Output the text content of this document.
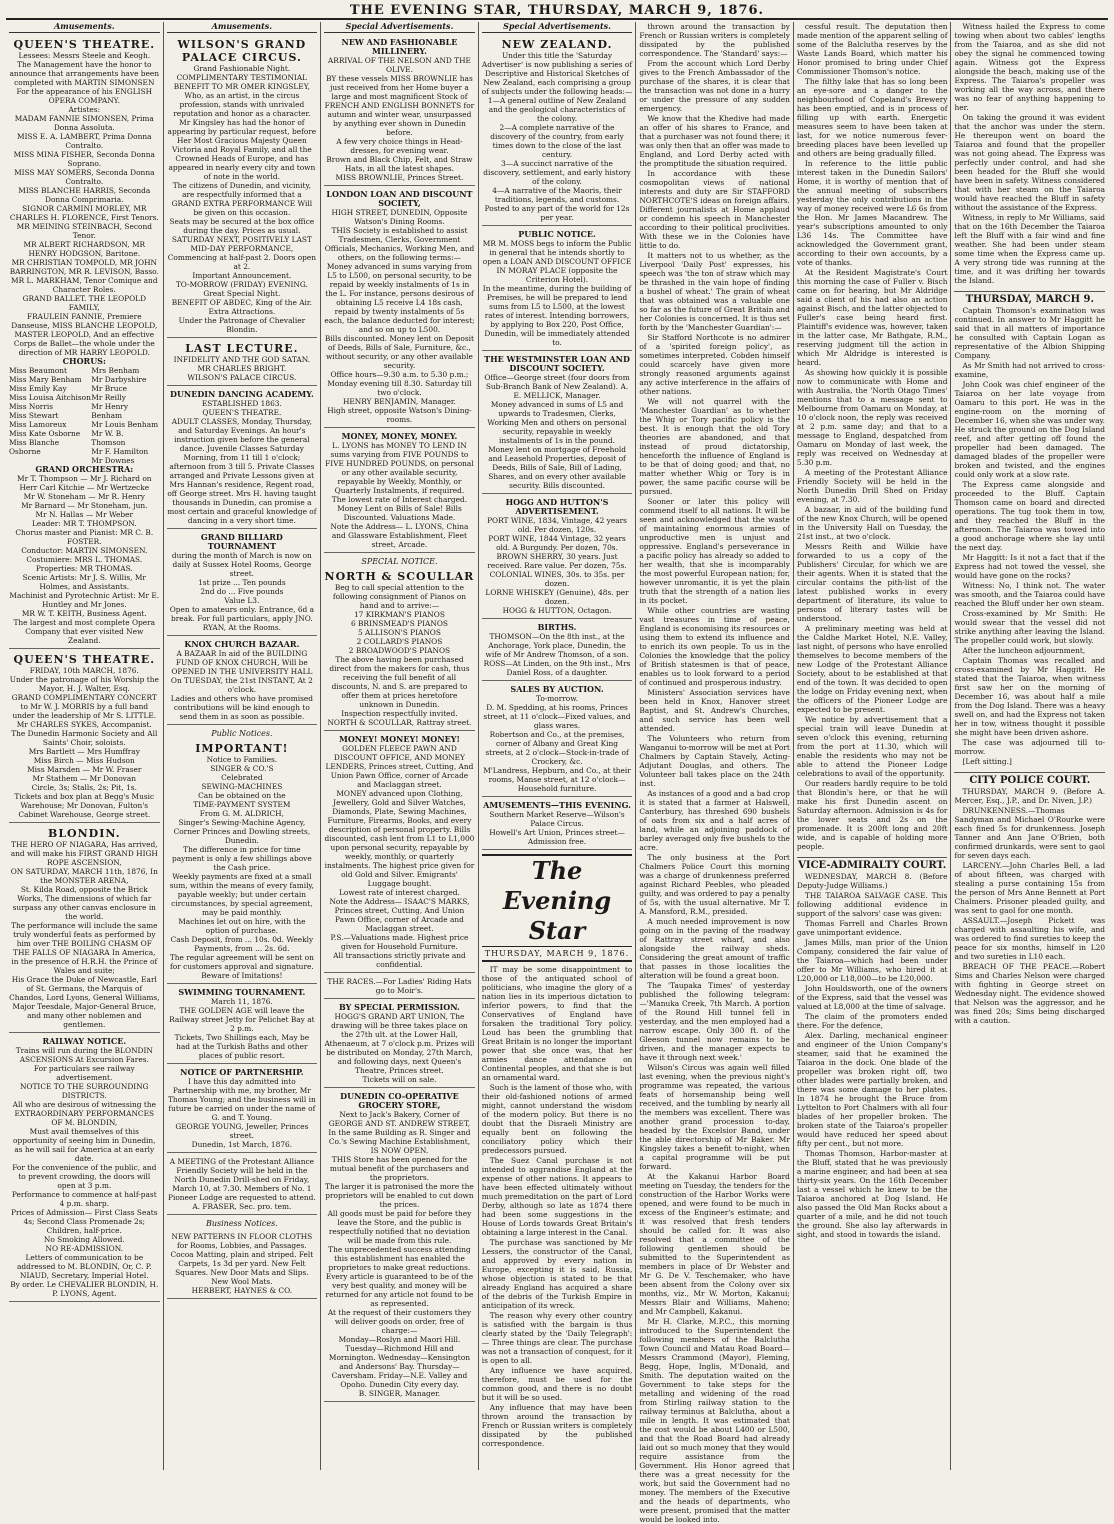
THE EVENING STAR, THURSDAY, MARCH 9, 1876.
Amusements.
QUEEN'S THEATRE.
Lessees: Messrs Steele and Keogh.
The Management have the honor to announce that arrangements have been completed with MARTIN SIMONSEN
For the appearance of his ENGLISH OPERA COMPANY.
Artistes:
MADAM FANNIE SIMONSEN, Prima Donna Assoluta.
MISS E. A. LAMBERT, Prima Donna Contralto.
MISS MINA FISHER, Seconda Donna Soprano.
MISS MAY SOMERS, Seconda Donna Contralto.
MISS BLANCHE HARRIS, Seconda Donna Comprimaria.
SIGNOR CARMINI MORLEY, MR CHARLES H. FLORENCE, First Tenors.
MR MEINING STEINBACH, Second Tenor.
MR ALBERT RICHARDSON, MR HENRY HODGSON, Baritone.
MR CHRISTIAN TOMPOLD, MR JOHN BARRINGTON, MR R. LEVISON, Basso.
MR L. MARKHAM, Tenor Comique and Character Roles.
GRAND BALLET. THE LEOPOLD FAMILY,
FRAULEIN FANNIE, Premiere Danseuse, MISS BLANCHE LEOPOLD, MASTER LEOPOLD, And an effective Corps de Ballet—the whole under the direction of MR HARRY LEOPOLD.
CHORUS:
Miss Beaumont
Miss Mary Benham
Miss Emily Kay
Miss Louisa Aitchison
Miss Norris
Miss Stewart
Miss Lamoreux
Miss Kate Osborne
Miss Blanche Osborne
Mrs Benham
Mr Darbyshire
Mr Bruce
Mr Reilly
Mr Henry Benham
Mr Louis Benham
Mr W. B. Thomson
Mr F. Hamilton
Mr Downes
GRAND ORCHESTRA:
Mr T. Thompson — Mr J. Richard on
Herr Carl Kitchie — Mr Wertzecke
Mr W. Stoneham — Mr R. Henry
Mr Barnard — Mr Stoneham, jun.
Mr N. Hallas — Mr Weber
Leader: MR T. THOMPSON.
Chorus master and Pianist: MR C. B. FOSTER.
Conductor: MARTIN SIMONSEN.
Costumiere: MRS L. THOMAS.
Properties: MR THOMAS.
Scenic Artists: Mr J. S. Willis, Mr Holmes, and Assistants.
Machinist and Pyrotechnic Artist: Mr E. Huntley and Mr Jones.
MR W. T. KEITH, Business Agent.
The largest and most complete Opera Company that ever visited New Zealand.
QUEEN'S THEATRE.
FRIDAY, 10th MARCH, 1876.
Under the patronage of his Worship the Mayor, H. J. Walter, Esq.
GRAND COMPLIMENTARY CONCERT to Mr W. J. MORRIS by a full band under the leadership of Mr S. LITTLE.
Mr CHARLES SYKES, Accompanist. The Dunedin Harmonic Society and All Saints' Choir, soloists.
Mrs Bartlett — Mrs Humffray
Miss Birch — Miss Hudson
Miss Marsden — Mr W. Fraser
Mr Stathem — Mr Donovan
Circle, 3s; Stalls, 2s; Pit, 1s.
Tickets and box plan at Begg's Music Warehouse; Mr Donovan, Fulton's Cabinet Warehouse, George street.
BLONDIN.
THE HERO OF NIAGARA, Has arrived, and will make his FIRST GRAND HIGH ROPE ASCENSION,
ON SATURDAY, MARCH 11th, 1876, In the MONSTER ARENA,
St. Kilda Road, opposite the Brick Works, The dimensions of which far surpass any other canvas enclosure in the world.
The performance will include the same truly wonderful feats as performed by him over THE BOILING CHASM OF THE FALLS OF NIAGARA In America, in the presence of H.R.H. the Prince of Wales and suite;
His Grace the Duke of Newcastle, Earl of St. Germans, the Marquis of Chandos, Lord Lyons, General Williams, Major Teesdale, Major-General Bruce, and many other noblemen and gentlemen.
RAILWAY NOTICE.
Trains will run during the BLONDIN ASCENSIONS At Excursion Fares.
For particulars see railway advertisement.
NOTICE TO THE SURROUNDING DISTRICTS.
All who are desirous of witnessing the EXTRAORDINARY PERFORMANCES OF M. BLONDIN,
Must avail themselves of this opportunity of seeing him in Dunedin, as he will sail for America at an early date.
For the convenience of the public, and to prevent crowding, the doors will open at 3 p.m.
Performance to commence at half-past 4 p.m. sharp.
Prices of Admission— First Class Seats 4s; Second Class Promenade 2s; Children, half-price.
No Smoking Allowed.
NO RE-ADMISSION.
Letters of communication to be addressed to M. BLONDIN, Or, C. P. NIAUD, Secretary, Imperial Hotel.
By order. Le CHEVALIER BLONDIN, H. P. LYONS, Agent.
Amusements.
WILSON'S GRAND PALACE CIRCUS.
Grand Fashionable Night.
COMPLIMENTARY TESTIMONIAL BENEFIT TO MR OMER KINGSLEY,
Who, as an artist, in the circus profession, stands with unrivaled reputation and honor as a character.
Mr Kingsley has had the honor of appearing by particular request, before Her Most Gracious Majesty Queen Victoria and Royal Family, and all the Crowned Heads of Europe, and has appeared in nearly every city and town of note in the world.
The citizens of Dunedin, and vicinity, are respectfully informed that a GRAND EXTRA PERFORMANCE Will be given on this occasion.
Seats may be secured at the box office during the day. Prices as usual.
SATURDAY NEXT, POSITIVELY LAST MID-DAY PERFORMANCE, Commencing at half-past 2. Doors open at 2.
Important Announcement.
TO-MORROW (FRIDAY) EVENING. Great Special Night.
BENEFIT OF ABDEC, King of the Air.
Extra Attractions.
Under the Patronage of Chevalier Blondin.
LAST LECTURE.
INFIDELITY AND THE GOD SATAN.
MR CHARLES BRIGHT.
WILSON'S PALACE CIRCUS.
DUNEDIN DANCING ACADEMY.
ESTABLISHED 1863.
QUEEN'S THEATRE.
ADULT CLASSES, Monday, Thursday, and Saturday Evenings. An hour's instruction given before the general dance. Juvenile Classes Saturday Morning, from 11 till 1 o'clock; afternoon from 3 till 5. Private Classes arranged and Private Lessons given at Mrs Hannan's residence, Regent road, off George street. Mrs H. having taught thousands in Dunedin, can promise a most certain and graceful knowledge of dancing in a very short time.
GRAND BILLIARD TOURNAMENT
during the month of March is now on daily at Sussex Hotel Rooms, George street.
1st prize ... Ten pounds
2nd do ... Five pounds
Value L3.
Open to amateurs only. Entrance, 6d a break. For full particulars, apply JNO. RYAN, At the Rooms.
KNOX CHURCH BAZAAR.
A BAZAAR In aid of the BUILDING FUND OF KNOX CHURCH, Will be OPENED IN THE UNIVERSITY HALL On TUESDAY, the 21st INSTANT, At 2 o'clock.
Ladies and others who have promised contributions will be kind enough to send them in as soon as possible.
Public Notices.
IMPORTANT!
Notice to Families.
SINGER & CO.'S
Celebrated
SEWING-MACHINES
Can be obtained on the
TIME-PAYMENT SYSTEM
From G. M. ALDRICH,
Singer's Sewing-Machine Agency, Corner Princes and Dowling streets, Dunedin.
The difference in price for time payment is only a few shillings above the Cash price.
Weekly payments are fixed at a small sum, within the means of every family, payable weekly; but under certain circumstances, by special agreement, may be paid monthly.
Machines let out on hire, with the option of purchase.
Cash Deposit, from ... 10s. 0d. Weekly Payments, from ... 2s. 6d.
The regular agreement will be sent on for customers approval and signature.
Beware of Imitations!
SWIMMING TOURNAMENT.
March 11, 1876.
THE GOLDEN AGE will leave the Railway street Jetty for Pelichet Bay at 2 p.m.
Tickets, Two Shillings each, May be had at the Turkish Baths and other places of public resort.
NOTICE OF PARTNERSHIP.
I have this day admitted into Partnership with me, my brother, Mr Thomas Young; and the business will in future be carried on under the name of G. and T. Young.
GEORGE YOUNG, Jeweller, Princes street.
Dunedin, 1st March, 1876.
A MEETING of the Protestant Alliance Friendly Society will be held in the North Dunedin Drill-shed on Friday, March 10, at 7.30. Members of No. 1 Pioneer Lodge are requested to attend.
A. FRASER, Sec. pro. tem.
Business Notices.
NEW PATTERNS IN FLOOR CLOTHS for Rooms, Lobbies, and Passages. Cocoa Matting, plain and striped. Felt Carpets, 1s 3d per yard. New Felt Squares. New Door Mats and Slips. New Wool Mats.
HERBERT, HAYNES & CO.
Special Advertisements.
NEW AND FASHIONABLE MILLINERY.
ARRIVAL OF THE NELSON AND THE OLIVE.
BY these vessels MISS BROWNLIE has just received from her Home buyer a large and most magnificent Stock of FRENCH AND ENGLISH BONNETS for autumn and winter wear, unsurpassed by anything ever shown in Dunedin before.
A few very choice things in Head-dresses, for evening wear.
Brown and Black Chip, Felt, and Straw Hats, in all the latest shapes.
MISS BROWNLIE, Princes Street.
LONDON LOAN AND DISCOUNT SOCIETY,
HIGH STREET, DUNEDIN, Opposite Watson's Dining Rooms.
THIS Society is established to assist Tradesmen, Clerks, Government Officials, Mechanics, Working Men, and others, on the following terms:—
Money advanced in sums varying from L5 to L500, on personal security, to be repaid by weekly instalments of 1s in the L. For instance, persons desirous of obtaining L5 receive L4 18s cash, repaid by twenty instalments of 5s each, the balance deducted for interest; and so on up to L500.
Bills discounted. Money lent on Deposit of Deeds, Bills of Sale, Furniture, &c., without security, or any other available security.
Office hours—9.30 a.m. to 5.30 p.m.; Monday evening till 8.30. Saturday till two o'clock.
HENRY BENJAMIN, Manager.
High street, opposite Watson's Dining-rooms.
MONEY, MONEY, MONEY.
L. LYONS has MONEY TO LEND IN sums varying from FIVE POUNDS to FIVE HUNDRED POUNDS, on personal or any other available security, repayable by Weekly, Monthly, or Quarterly Instalments, if required.
The lowest rate of Interest charged.
Money Lent on Bills of Sale! Bills Discounted. Valuations Made.
Note the Address— L. LYONS, China and Glassware Establishment, Fleet street, Arcade.
SPECIAL NOTICE.
NORTH & SCOULLAR
Beg to call special attention to the following consignment of Pianos on hand and to arrive:—
17 KIRKMAN'S PIANOS
6 BRINSMEAD'S PIANOS
5 ALLISON'S PIANOS
2 COLLARD'S PIANOS
2 BROADWOOD'S PIANOS
The above having been purchased direct from the makers for cash, thus receiving the full benefit of all discounts, N. and S. are prepared to offer them at prices heretofore unknown in Dunedin.
Inspection respectfully invited.
NORTH & SCOULLAR, Rattray street.
MONEY! MONEY! MONEY!
GOLDEN FLEECE PAWN AND DISCOUNT OFFICE, AND MONEY LENDERS, Princes street, Cutting, And Union Pawn Office, corner of Arcade and Maclaggan street.
MONEY advanced upon Clothing, Jewellery, Gold and Silver Watches, Diamonds, Plate, Sewing Machines, Furniture, Firearms, Books, and every description of personal property. Bills discounted, cash lent from L1 to L1,000 upon personal security, repayable by weekly, monthly, or quarterly instalments. The highest price given for old Gold and Silver. Emigrants' Luggage bought.
Lowest rate of interest charged.
Note the Address— ISAAC'S MARKS, Princes street, Cutting, And Union Pawn Office, corner of Arcade and Maclaggan street.
P.S.—Valuations made. Highest price given for Household Furniture.
All transactions strictly private and confidential.
THE RACES.—For Ladies' Riding Hats go to Moir's.
BY SPECIAL PERMISSION.
HOGG'S GRAND ART UNION, The drawing will be three takes place on the 27th ult. at the Lower Hall, Athenaeum, at 7 o'clock p.m. Prizes will be distributed on Monday, 27th March, and following days, next Queen's Theatre, Princes street.
Tickets will on sale.
DUNEDIN CO-OPERATIVE GROCERY STORE,
Next to Jack's Bakery, Corner of GEORGE AND ST. ANDREW STREET,
In the same Building as R. Singer and Co.'s Sewing Machine Establishment,
IS NOW OPEN.
THIS Store has been opened for the mutual benefit of the purchasers and the proprietors.
The larger it is patronised the more the proprietors will be enabled to cut down the prices.
All goods must be paid for before they leave the Store, and the public is respectfully notified that no deviation will be made from this rule.
The unprecedented success attending this establishment has enabled the proprietors to make great reductions.
Every article is guaranteed to be of the very best quality, and money will be returned for any article not found to be as represented.
At the request of their customers they will deliver goods on order, free of charge:—
Monday—Roslyn and Maori Hill. Tuesday—Richmond Hill and Mornington. Wednesday—Kensington and Andersons' Bay. Thursday—Caversham. Friday—N.E. Valley and Opoho. Dunedin City every day.
B. SINGER, Manager.
Special Advertisements.
NEW ZEALAND.
Under this title the 'Saturday Advertiser' is now publishing a series of Descriptive and Historical Sketches of New Zealand, each comprising a group of subjects under the following heads:—
1—A general outline of New Zealand and the geological characteristics of the colony.
2—A complete narrative of the discovery of the country, from early times down to the close of the last century.
3—A succinct narrative of the discovery, settlement, and early history of the colony.
4—A narrative of the Maoris, their traditions, legends, and customs.
Posted to any part of the world for 12s per year.
PUBLIC NOTICE.
MR M. MOSS begs to inform the Public in general that he intends shortly to open a LOAN AND DISCOUNT OFFICE IN MORAY PLACE (opposite the Criterion Hotel).
In the meantime, during the building of Premises, he will be prepared to lend sums from L5 to L500, at the lowest rates of interest. Intending borrowers, by applying to Box 220, Post Office, Dunedin, will be immediately attended to.
THE WESTMINSTER LOAN AND DISCOUNT SOCIETY.
Office—George street (four doors from Sub-Branch Bank of New Zealand). A. E. MELLICK, Manager.
Money advanced in sums of L5 and upwards to Tradesmen, Clerks, Working Men and others on personal security, repayable in weekly instalments of 1s in the pound.
Money lent on mortgage of Freehold and Leasehold Properties, deposit of Deeds, Bills of Sale, Bill of Lading, Shares, and on every other available security. Bills discounted.
HOGG AND HUTTON'S ADVERTISEMENT.
PORT WINE, 1834, Vintage, 42 years old. Per dozen, 120s.
PORT WINE, 1844 Vintage, 32 years old. A Burgundy. Per dozen, 70s.
BROWN SHERRY, 30 years. Just received. Rare value. Per dozen, 75s.
COLONIAL WINES, 30s. to 35s. per dozen.
LORNE WHISKEY (Genuine), 48s. per dozen.
HOGG & HUTTON, Octagon.
BIRTHS.
THOMSON—On the 8th inst., at the Anchorage, York place, Dunedin, the wife of Mr Andrew Thomson, of a son.
ROSS—At Linden, on the 9th inst., Mrs Daniel Ross, of a daughter.
SALES BY AUCTION.
To-morrow.
D. M. Spedding, at his rooms, Princes street, at 11 o'clock—Fixed values, and glass wares.
Robertson and Co., at the premises, corner of Albany and Great King streets, at 2 o'clock—Stock-in-trade of Crockery, &c.
M'Landress, Hepburn, and Co., at their rooms, Manse street, at 12 o'clock—Household furniture.
AMUSEMENTS—THIS EVENING.
Southern Market Reserve—Wilson's Palace Circus.
Howell's Art Union, Princes street—Admission free.
The Evening Star
THURSDAY, MARCH 9, 1876.

IT may be some disappointment to those of the antiquated school of politicians, who imagine the glory of a nation lies in its imperious dictation to inferior powers, to find that the Conservatives of England have forsaken the traditional Tory policy. Loud has been the grumbling that Great Britain is no longer the important power that she once was, that her armies dance attendance on Continental peoples, and that she is but an ornamental ward.

Such is the lament of those who, with their old-fashioned notions of armed might, cannot understand the wisdom of the modern policy. But there is no doubt that the Disraeli Ministry are equally bent on following the conciliatory policy which their predecessors pursued.

The Suez Canal purchase is not intended to aggrandise England at the expense of other nations. It appears to have been effected ultimately without much premeditation on the part of Lord Derby, although so late as 1874 there had been some suggestions in the House of Lords towards Great Britain's obtaining a large interest in the Canal.

The purchase was sanctioned by Mr Lessers, the constructor of the Canal, and approved by every nation in Europe, excepting it is said, Russia, whose objection is stated to be that already England has acquired a share of the debris of the Turkish Empire in anticipation of its wreck.

The reason why every other country is satisfied with the bargain is thus clearly stated by the 'Daily Telegraph':— Three things are clear. The purchase was not a transaction of conquest, for it is open to all.

Any influence we have acquired, therefore, must be used for the common good, and there is no doubt but it will be so used.

Any influence that may have been thrown around the transaction by French or Russian writers is completely dissipated by the published correspondence.

thrown around the transaction by French or Russian writers is completely dissipated by the published correspondence. The 'Standard' says:—

From the account which Lord Derby gives to the French Ambassador of the purchase of the shares, it is clear that the transaction was not done in a hurry or under the pressure of any sudden emergency.

We know that the Khedive had made an offer of his shares to France, and that a purchaser was not found there; it was only then that an offer was made to England, and Lord Derby acted with the promptitude the situation required.

In accordance with these cosmopolitan views of national interests and duty are Sir STAFFORD NORTHCOTE'S ideas on foreign affairs. Different journalists at Home applaud or condemn his speech in Manchester according to their political proclivities. With these we in the Colonies have little to do.

It matters not to us whether, as the Liverpool 'Daily Post' expresses, his speech was 'the ton of straw which may be thrashed in the vain hope of finding a bushel of wheat.' The grain of wheat that was obtained was a valuable one so far as the future of Great Britain and her Colonies is concerned. It is thus set forth by the 'Manchester Guardian':—

Sir Stafford Northcote is no admirer of a 'spirited foreign policy', as sometimes interpreted. Cobden himself could scarcely have given more strongly reasoned arguments against any active interference in the affairs of other nations.

We will not quarrel with the 'Manchester Guardian' as to whether the Whig or Tory pacific policy is the best. It is enough that the old Tory theories are abandoned, and that instead of proud dictatorship, henceforth the influence of England is to be that of doing good; and that, no matter whether Whig or Tory is in power, the same pacific course will be pursued.

Sooner or later this policy will commend itself to all nations. It will be seen and acknowledged that the waste of maintaining enormous armies of unproductive men is unjust and oppressive. England's perseverance in a pacific policy has already so added to her wealth, that she is incomparably the most powerful European nation; for, however unromantic, it is yet the plain truth that the strength of a nation lies in its pocket.

While other countries are wasting vast treasures in time of peace, England is economising its resources or using them to extend its influence and to enrich its own people. To us in the Colonies the knowledge that the policy of British statesmen is that of peace, enables us to look forward to a period of continued and prosperous industry.

Ministers' Association services have been held in Knox, Hanover street Baptist, and St. Andrew's Churches, and such service has been well attended.

The Volunteers who return from Wanganui to-morrow will be met at Port Chalmers by Captain Stavely, Acting-Adjutant Douglas, and others. The Volunteer ball takes place on the 24th inst.

As instances of a good and a bad crop it is stated that a farmer at Halswell, Canterbury, has threshed 690 bushels of oats from six and a half acres of land, while an adjoining paddock of barley averaged only five bushels to the acre.

The only business at the Port Chalmers Police Court this morning was a charge of drunkenness preferred against Richard Peebles, who pleaded guilty, and was ordered to pay a penalty of 5s, with the usual alternative. Mr T. A. Mansford, R.M., presided.

A much needed improvement is now going on in the paving of the roadway of Rattray street wharf, and also alongside the railway sheds. Considering the great amount of traffic that passes in those localities the alteration will be found a great boon.

The 'Taupaka Times' of yesterday published the following telegram:—'Manuka Creek, 7th March. A portion of the Round Hill tunnel fell in yesterday, and the men employed had a narrow escape. Only 300 ft. of the Gleeson tunnel now remains to be driven, and the manager expects to have it through next week.'

Wilson's Circus was again well filled last evening, when the previous night's programme was repeated, the various feats of horsemanship being well received, and the tumbling by nearly all the members was excellent. There was another grand procession to-day, headed by the Excelsior Band, under the able directorship of Mr Baker. Mr Kingsley takes a benefit to-night, when a capital programme will be put forward.

At the Kakanui Harbor Board meeting on Tuesday, the tenders for the construction of the Harbor Works were opened, and were found to be much in excess of the Engineer's estimate; and it was resolved that fresh tenders should be called for. It was also resolved that a committee of the following gentlemen should be submitted to the Superintendent as members in place of Dr Webster and Mr G. De V. Teschemaker, who have been absent from the Colony over six months, viz., Mr W. Morton, Kakanui; Messrs Blair and Williams, Maheno; and Mr Campbell, Kakanui.

Mr H. Clarke, M.P.C., this morning introduced to the Superintendent the following members of the Balclutha Town Council and Matau Road Board—Messrs Crammond (Mayor), Fleming, Begg, Hope, Inglis, M'Donald, and Smith. The deputation waited on the Government to take steps for the metalling and widening of the road from Stirling railway station to the railway terminus at Balclutha, about a mile in length. It was estimated that the cost would be about L400 or L500, and that the Road Board had already laid out so much money that they would require assistance from the Government. His Honor agreed that there was a great necessity for the work, but said the Government had no money. The members of the Executive and the heads of departments, who were present, promised that the matter would be looked into.

cessful result. The deputation then made mention of the apparent selling of some of the Balclutha reserves by the Waste Lands Board, which matter his Honor promised to bring under Chief Commissioner Thomson's notice.

The filthy lake that has so long been an eye-sore and a danger to the neighbourhood of Copeland's Brewery has been emptied, and is in process of filling up with earth. Energetic measures seem to have been taken at last, for we notice numerous fever-breeding places have been levelled up and others are being gradually filled.

In reference to the little public interest taken in the Dunedin Sailors' Home, it is worthy of mention that of the annual meeting of subscribers yesterday the only contributions in the way of money received were L6 6s from the Hon. Mr James Macandrew. The year's subscriptions amounted to only L36 14s. The Committee have acknowledged the Government grant, according to their own accounts, by a vote of thanks.

At the Resident Magistrate's Court this morning the case of Fuller v. Bisch came on for hearing, but Mr Aldridge said a client of his had also an action against Bisch, and the latter objected to Fuller's case being heard first. Plaintiff's evidence was, however, taken in the latter case, Mr Bathgate, R.M., reserving judgment till the action in which Mr Aldridge is interested is heard.

As showing how quickly it is possible now to communicate with Home and with Australia, the 'North Otago Times' mentions that to a message sent to Melbourne from Oamaru on Monday, at 10 o'clock noon, the reply was received at 2 p.m. same day; and that to a message to England, despatched from Oamaru on Monday of last week, the reply was received on Wednesday at 5.30 p.m.

A meeting of the Protestant Alliance Friendly Society will be held in the North Dunedin Drill Shed on Friday evening, at 7.30.

A bazaar, in aid of the building fund of the new Knox Church, will be opened in the University Hall on Tuesday, the 21st inst., at two o'clock.

Messrs Reith and Wilkie have forwarded to us a copy of the Publishers' Circular, for which we are their agents. When it is stated that the circular contains the pith-list of the latest published works in every department of literature, its value to persons of literary tastes will be understood.

A preliminary meeting was held at the Caldhe Market Hotel, N.E. Valley, last night, of persons who have enrolled themselves to become members of the new Lodge of the Protestant Alliance Society, about to be established at that end of the town. It was decided to open the lodge on Friday evening next, when the officers of the Pioneer Lodge are expected to be present.

We notice by advertisement that a special train will leave Dunedin at seven o'clock this evening, returning from the port at 11.30, which will enable the residents who may not be able to attend the Pioneer Lodge celebrations to avail of the opportunity.

Our readers hardly require to be told that Blondin's here, or that he will make his first Dunedin ascent on Saturday afternoon. Admission is 4s for the lower seats and 2s on the promenade. It is 200ft long and 20ft wide, and is capable of holding more people.

VICE-ADMIRALTY COURT.

WEDNESDAY, MARCH 8. (Before Deputy-Judge Williams.)

THE TAIAROA SALVAGE CASE. This following additional evidence in support of the salvors' case was given:

Thomas Farrell and Charles Brown gave unimportant evidence.

James Mills, man prior of the Union Company, considered the fair value of the Taiaroa—which had been under offer to Mr Williams, who hired it at L20,000 or L18,000—to be L20,000.

John Houldsworth, one of the owners of the Express, said that the vessel was valued at L8,000 at the time of salvage.

The claim of the promoters ended there. For the defence,

Alex. Darling, mechanical engineer and engineer of the Union Company's steamer, said that he examined the Taiaroa in the dock. One blade of the propeller was broken right off, two other blades were partially broken, and there was some damage to her plates. In 1874 he brought the Bruce from Lyttelton to Port Chalmers with all four blades of her propeller broken. The broken state of the Taiaroa's propeller would have reduced her speed about fifty per cent., but not more.

Thomas Thomson, Harbor-master at the Bluff, stated that he was previously a marine engineer, and had been at sea thirty-six years. On the 16th December last a vessel which he knew to be the Taiaroa anchored at Dog Island. He also passed the Old Man Rocks about a quarter of a mile, and he did not touch the ground. She also lay afterwards in sight, and stood in towards the island.

Witness hailed the Express to come towing when about two cables' lengths from the Taiaroa, and as she did not obey the signal he commenced towing again. Witness got the Express alongside the beach, making use of the Express. The Taiaroa's propeller was working all the way across, and there was no fear of anything happening to her.

On taking the ground it was evident that the anchor was under the stern. He thereupon went on board the Taiaroa and found that the propeller was not going ahead. The Express was perfectly under control, and had she been headed for the Bluff she would have been in safety. Witness considered that with her steam on the Taiaroa would have reached the Bluff in safety without the assistance of the Express.

Witness, in reply to Mr Williams, said that on the 16th December the Taiaroa left the Bluff with a fair wind and fine weather. She had been under steam some time when the Express came up. A very strong tide was running at the time, and it was drifting her towards the Island.

THURSDAY, MARCH 9.

Captain Thomson's examination was continued. In answer to Mr Haggitt he said that in all matters of importance he consulted with Captain Logan as representative of the Albion Shipping Company.

As Mr Smith had not arrived to cross-examine,

John Cook was chief engineer of the Taiaroa on her late voyage from Oamaru to this port. He was in the engine-room on the morning of December 16, when she was under way. He struck the ground on the Dog Island reef, and after getting off found the propeller had been damaged. The damaged blades of the propeller were broken and twisted, and the engines could only work at a slow rate.

The Express came alongside and proceeded to the Bluff. Captain Thomson came on board and directed operations. The tug took them in tow, and they reached the Bluff in the afternoon. The Taiaroa was towed into a good anchorage where she lay until the next day.

Mr Haggitt: Is it not a fact that if the Express had not towed the vessel, she would have gone on the rocks?

Witness: No, I think not. The water was smooth, and the Taiaroa could have reached the Bluff under her own steam.

Cross-examined by Mr Smith: He would swear that the vessel did not strike anything after leaving the Island. The propeller could work, but slowly.

After the luncheon adjournment,

Captain Thomas was recalled and cross-examined by Mr Haggitt. He stated that the Taiaroa, when witness first saw her on the morning of December 16, was about half a mile from the Dog Island. There was a heavy swell on, and had the Express not taken her in tow, witness thought it possible she might have been driven ashore.

The case was adjourned till to-morrow.

[Left sitting.]

CITY POLICE COURT.

THURSDAY, MARCH 9. (Before A. Mercer, Esq., J.P., and Dr. Niven, J.P.)

DRUNKENNESS.—Thomas Sandyman and Michael O'Rourke were each fined 5s for drunkenness. Joseph Tanner and Ann Jane O'Brien, both confirmed drunkards, were sent to gaol for seven days each.

LARCENY.—John Charles Bell, a lad of about fifteen, was charged with stealing a purse containing 15s from the person of Mrs Anne Bennett at Port Chalmers. Prisoner pleaded guilty, and was sent to gaol for one month.

ASSAULT.—Joseph Pickett was charged with assaulting his wife, and was ordered to find sureties to keep the peace for six months, himself in L20 and two sureties in L10 each.

BREACH OF THE PEACE.—Robert Sims and Charles Nelson were charged with fighting in George street on Wednesday night. The evidence showed that Nelson was the aggressor, and he was fined 20s; Sims being discharged with a caution.
